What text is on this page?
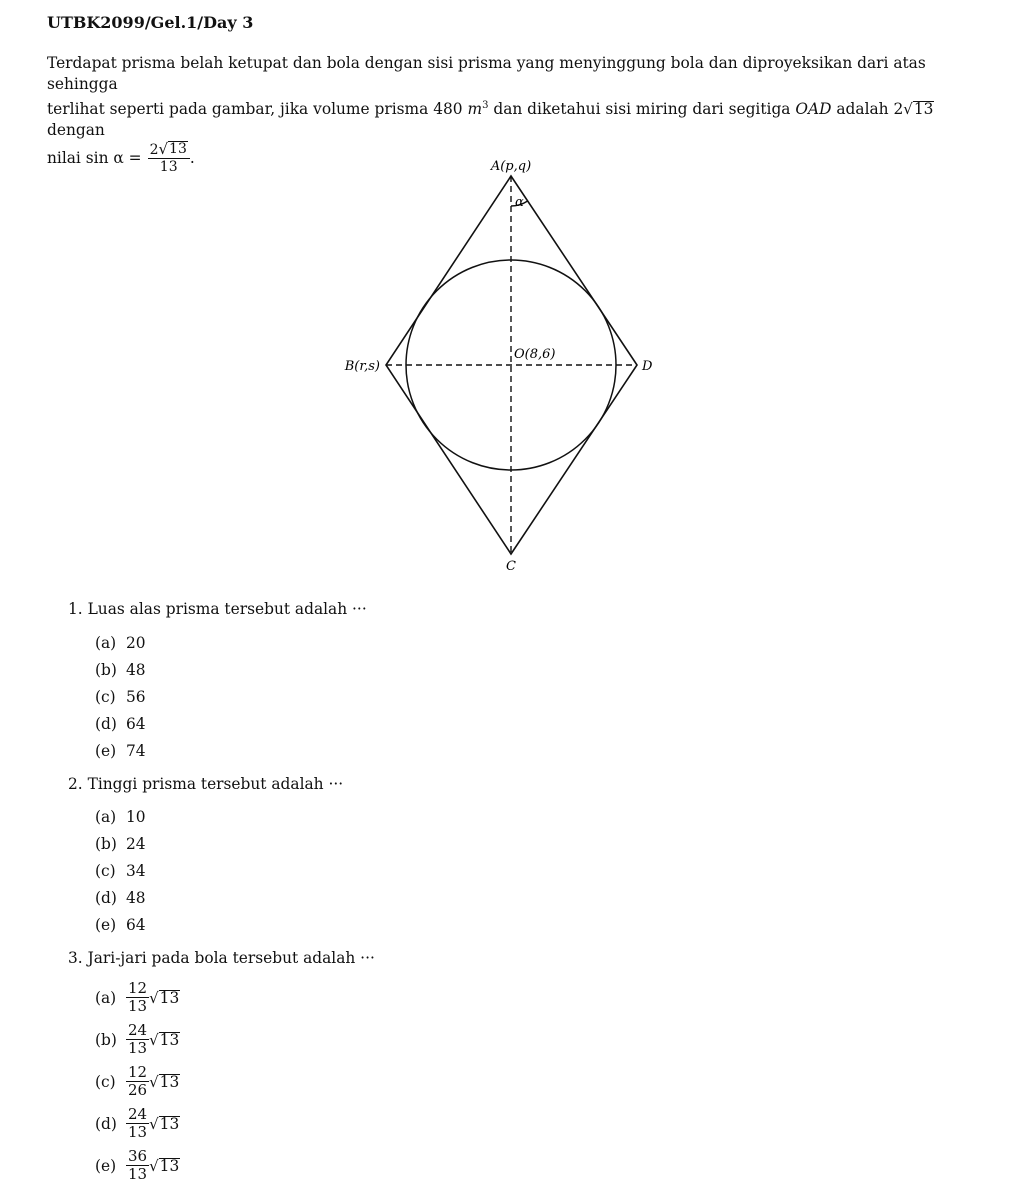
UTBK2099/Gel.1/Day 3
Terdapat prisma belah ketupat dan bola dengan sisi prisma yang menyinggung bola dan diproyeksikan dari atas sehingga
terlihat seperti pada gambar, jika volume prisma 480 $m^3$ dan diketahui sisi miring dari segitiga OAD adalah 2 √ 13
dengan
nilai $\sin \alpha = \frac{2 √ 13}{13}$ .	A(p,q)
α
B(r,s)
O(8,6)
D
C
1. Luas alas prisma tersebut adalah ···
(a) 20
(b) 48
(c) 56
(d) 64
(e) 74
2. Tinggi prisma tersebut adalah ···
(a) 10
(b) 24
(c) 34
(d) 48
(e) 64
3. Jari-jari pada bola tersebut adalah ···
$(a) \frac{12}{13}$ √ 13
$(b) \frac{24}{13}$ √ 13
$(c) \frac{12}{26}$ √ 13
$(d) \frac{24}{13}$ √ 13
$(e) \frac{36}{13}$ √ 13
